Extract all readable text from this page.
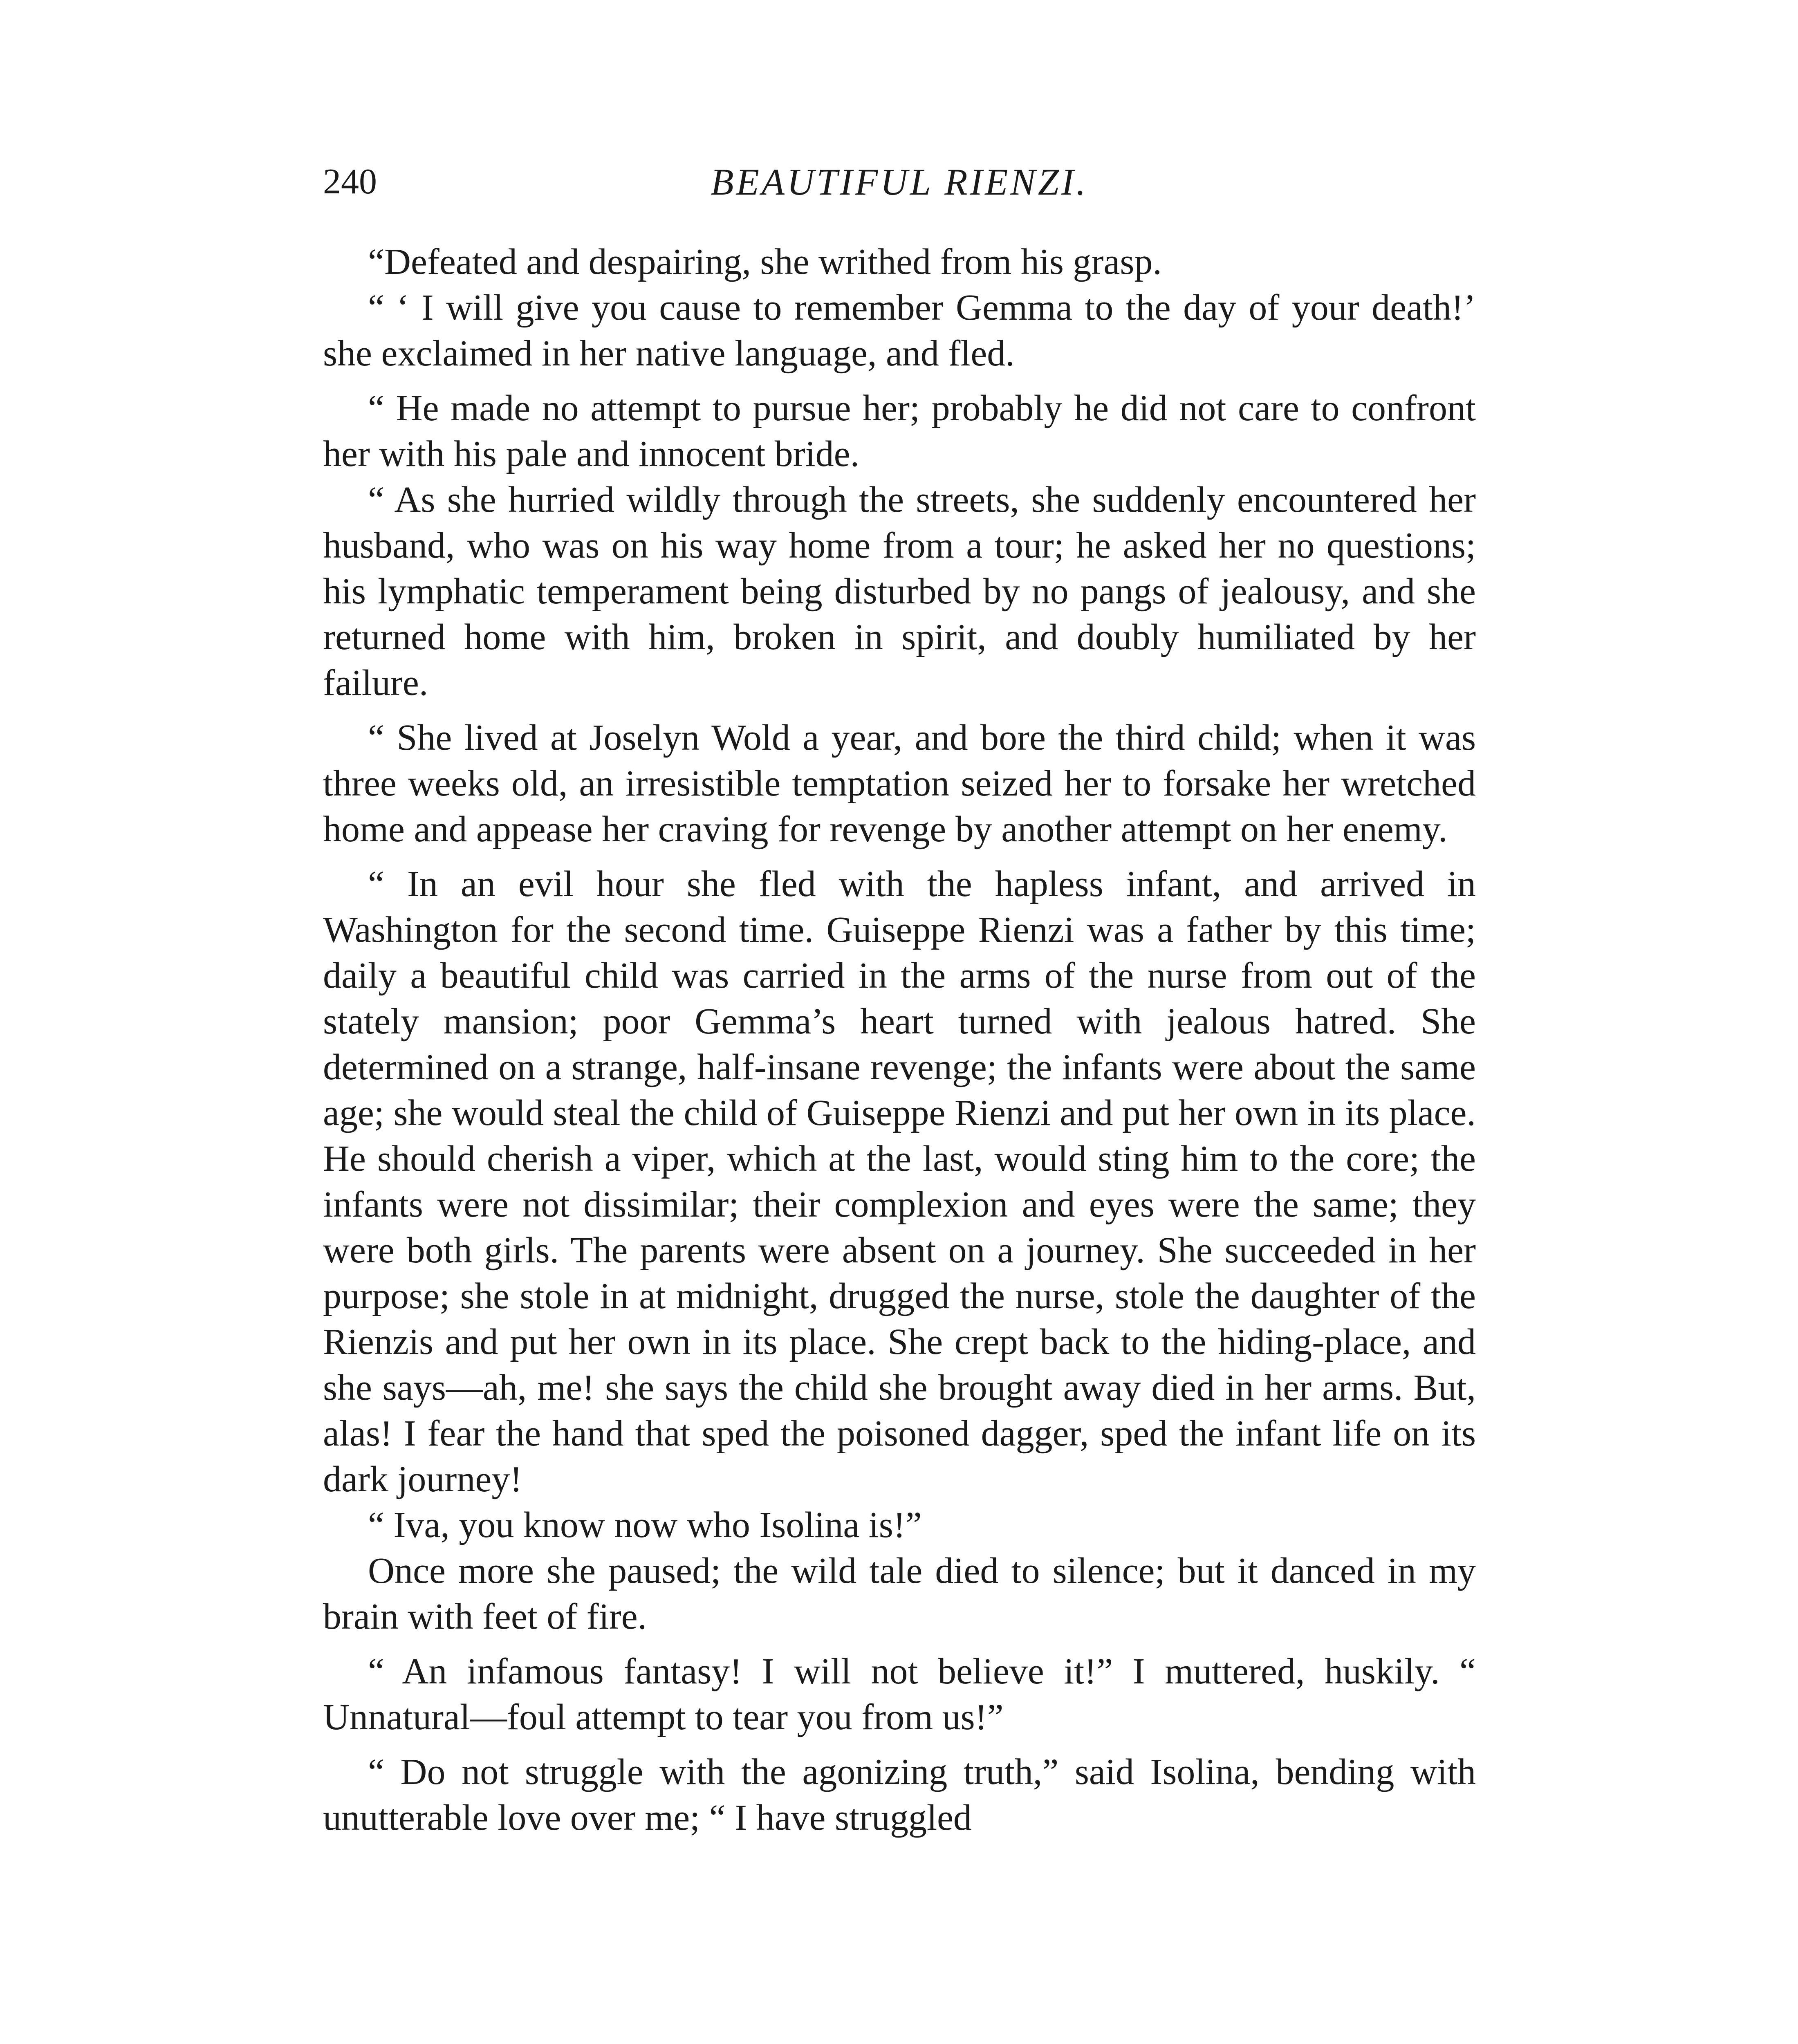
240	BEAUTIFUL RIENZI.

“Defeated and despairing, she writhed from his grasp.

“ ‘ I will give you cause to remember Gemma to the day of your death!’ she exclaimed in her native language, and fled.

“ He made no attempt to pursue her; probably he did not care to confront her with his pale and innocent bride.

“ As she hurried wildly through the streets, she suddenly encountered her husband, who was on his way home from a tour; he asked her no questions; his lymphatic temperament being disturbed by no pangs of jealousy, and she returned home with him, broken in spirit, and doubly humiliated by her failure.

“ She lived at Joselyn Wold a year, and bore the third child; when it was three weeks old, an irresistible temptation seized her to forsake her wretched home and appease her craving for revenge by another attempt on her enemy.

“ In an evil hour she fled with the hapless infant, and arrived in Washington for the second time. Guiseppe Rienzi was a father by this time; daily a beautiful child was carried in the arms of the nurse from out of the stately mansion; poor Gemma’s heart turned with jealous hatred. She determined on a strange, half-insane revenge; the infants were about the same age; she would steal the child of Guiseppe Rienzi and put her own in its place. He should cherish a viper, which at the last, would sting him to the core; the infants were not dissimilar; their complexion and eyes were the same; they were both girls. The parents were absent on a journey. She succeeded in her purpose; she stole in at midnight, drugged the nurse, stole the daughter of the Rienzis and put her own in its place. She crept back to the hiding-place, and she says—ah, me! she says the child she brought away died in her arms. But, alas! I fear the hand that sped the poisoned dagger, sped the infant life on its dark journey!

“ Iva, you know now who Isolina is!”

Once more she paused; the wild tale died to silence; but it danced in my brain with feet of fire.

“ An infamous fantasy! I will not believe it!” I muttered, huskily. “ Unnatural—foul attempt to tear you from us!”

“ Do not struggle with the agonizing truth,” said Isolina, bending with unutterable love over me; “ I have struggled
